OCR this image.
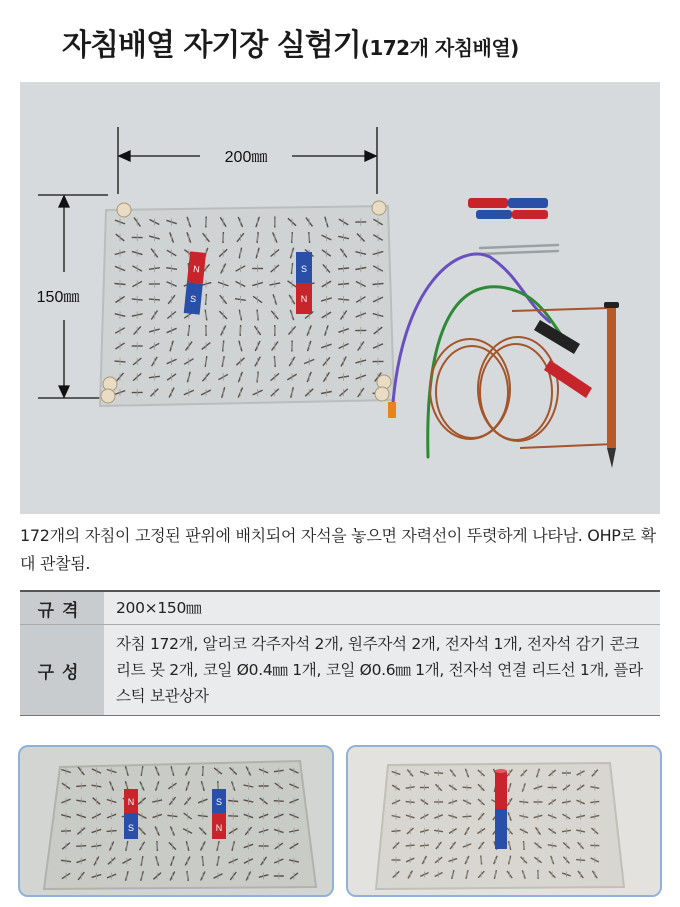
자침배열 자기장 실험기(172개 자침배열)
200㎜
150㎜
N
S
S
N
172개의 자침이 고정된 판위에 배치되어 자석을 놓으면 자력선이 뚜렷하게 나타남. OHP로 확대 관찰됨.
규격	200×150㎜
구성
자침 172개, 알리코 각주자석 2개, 원주자석 2개, 전자석 1개, 전자석 감기 콘크리트 못 2개, 코일 Ø0.4㎜ 1개, 코일 Ø0.6㎜ 1개, 전자석 연결 리드선 1개, 플라스틱 보관상자
N
S
S
N
